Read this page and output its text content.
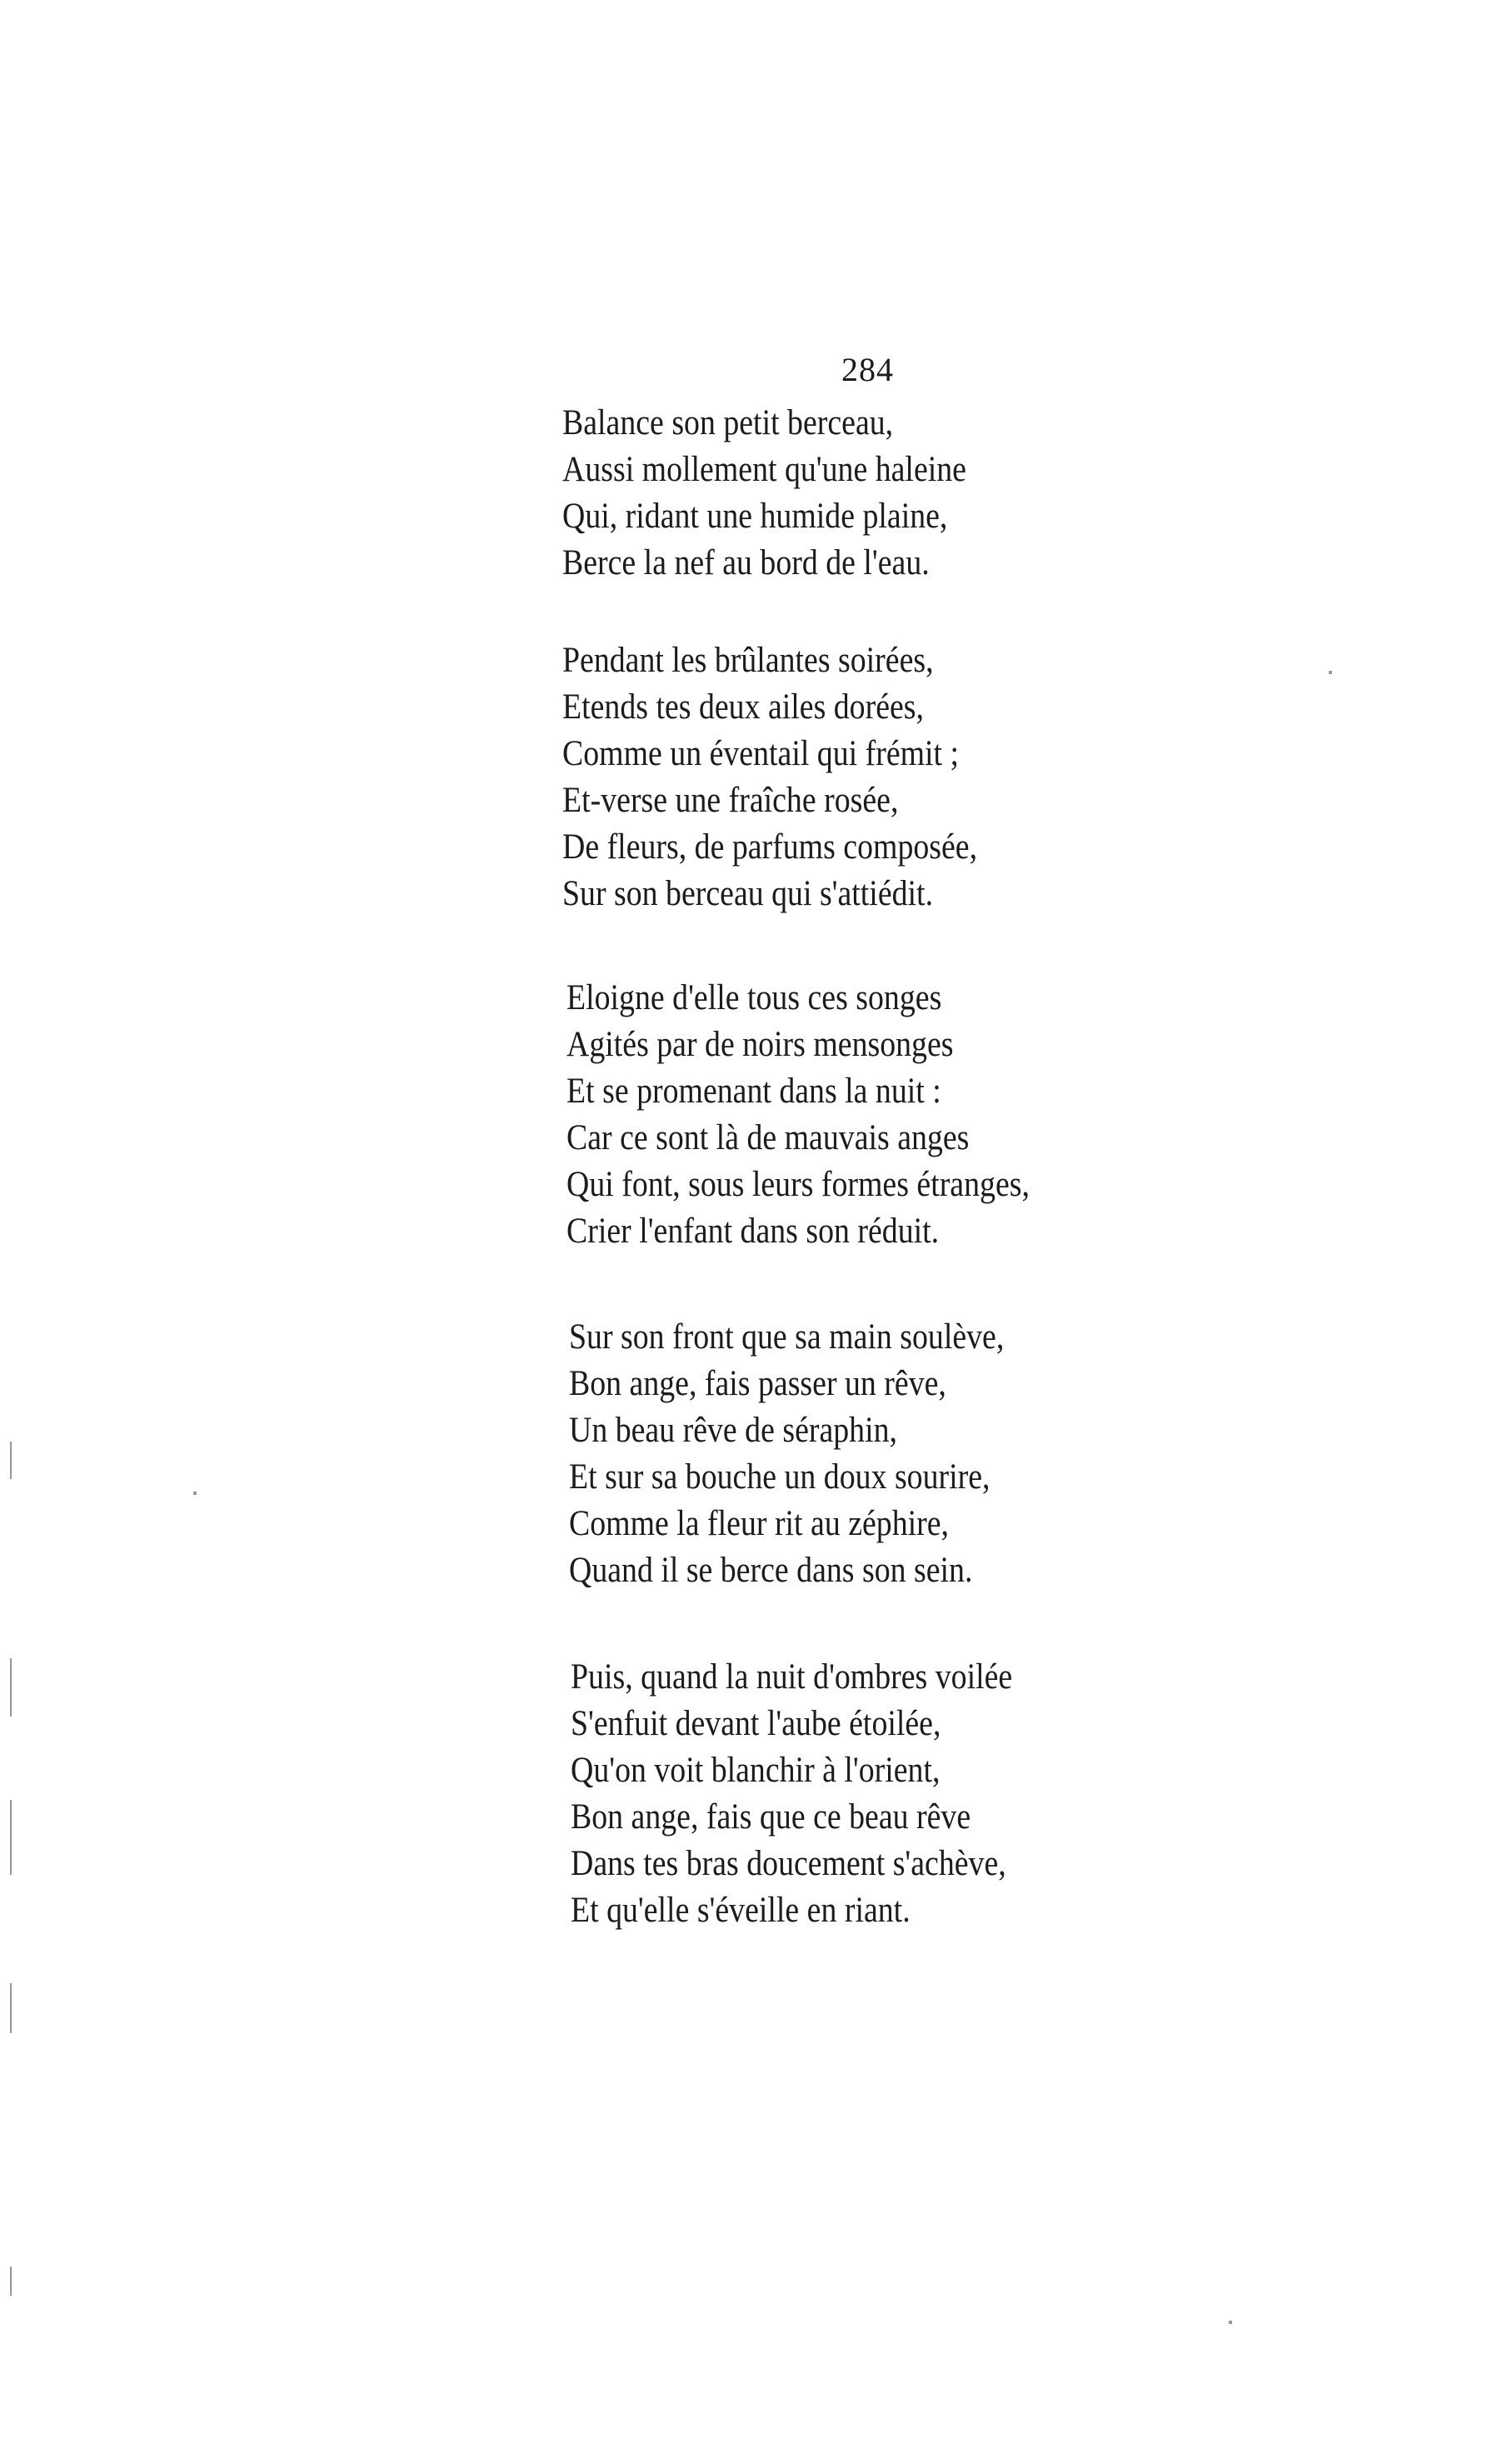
284
Balance son petit berceau,
Aussi mollement qu'une haleine
Qui, ridant une humide plaine,
Berce la nef au bord de l'eau.
Pendant les brûlantes soirées,
Etends tes deux ailes dorées,
Comme un éventail qui frémit ;
Et-verse une fraîche rosée,
De fleurs, de parfums composée,
Sur son berceau qui s'attiédit.
Eloigne d'elle tous ces songes
Agités par de noirs mensonges
Et se promenant dans la nuit :
Car ce sont là de mauvais anges
Qui font, sous leurs formes étranges,
Crier l'enfant dans son réduit.
Sur son front que sa main soulève,
Bon ange, fais passer un rêve,
Un beau rêve de séraphin,
Et sur sa bouche un doux sourire,
Comme la fleur rit au zéphire,
Quand il se berce dans son sein.
Puis, quand la nuit d'ombres voilée
S'enfuit devant l'aube étoilée,
Qu'on voit blanchir à l'orient,
Bon ange, fais que ce beau rêve
Dans tes bras doucement s'achève,
Et qu'elle s'éveille en riant.
